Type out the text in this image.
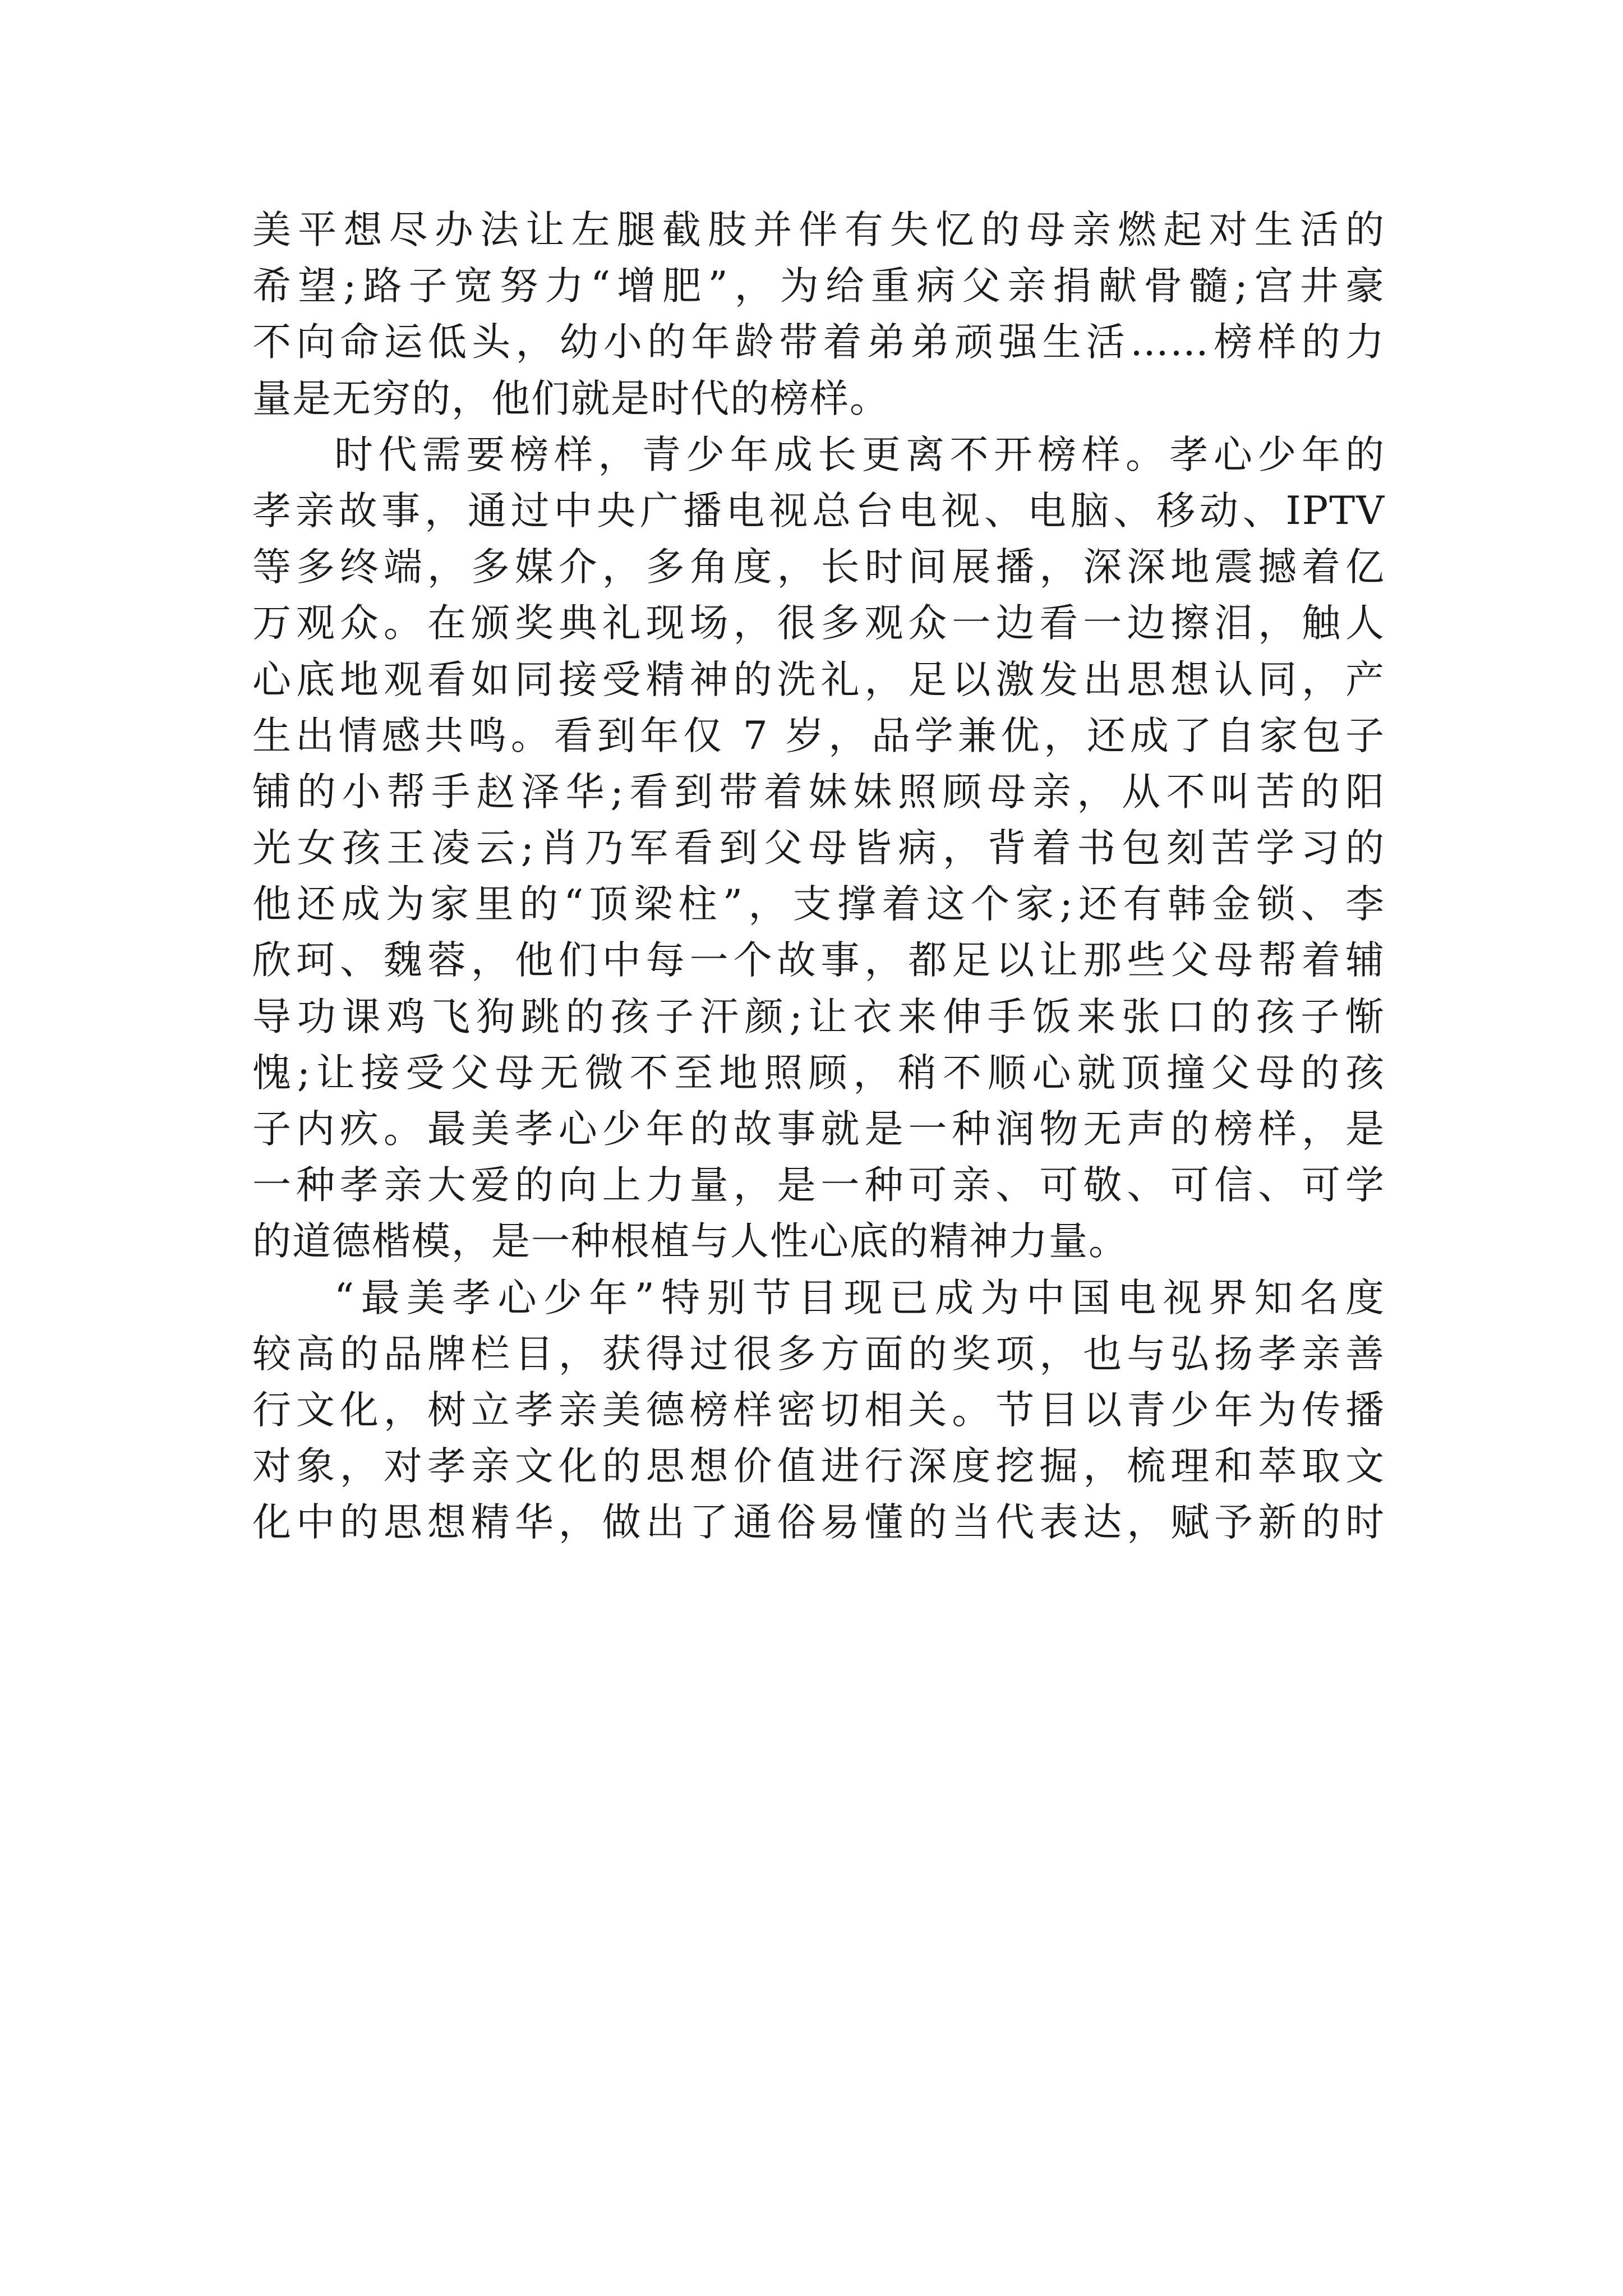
美平想尽办法让左腿截肢并伴有失忆的母亲燃起对生活的
希望;路子宽努力“增肥”，为给重病父亲捐献骨髓;宫井豪
不向命运低头，幼小的年龄带着弟弟顽强生活……榜样的力
量是无穷的，他们就是时代的榜样。
时代需要榜样，青少年成长更离不开榜样。孝心少年的
孝亲故事，通过中央广播电视总台电视、电脑、移动、IPTV
等多终端，多媒介，多角度，长时间展播，深深地震撼着亿
万观众。在颁奖典礼现场，很多观众一边看一边擦泪，触人
心底地观看如同接受精神的洗礼，足以激发出思想认同，产
生出情感共鸣。看到年仅 7 岁，品学兼优，还成了自家包子
铺的小帮手赵泽华;看到带着妹妹照顾母亲，从不叫苦的阳
光女孩王凌云;肖乃军看到父母皆病，背着书包刻苦学习的
他还成为家里的“顶梁柱”，支撑着这个家;还有韩金锁、李
欣珂、魏蓉，他们中每一个故事，都足以让那些父母帮着辅
导功课鸡飞狗跳的孩子汗颜;让衣来伸手饭来张口的孩子惭
愧;让接受父母无微不至地照顾，稍不顺心就顶撞父母的孩
子内疚。最美孝心少年的故事就是一种润物无声的榜样，是
一种孝亲大爱的向上力量，是一种可亲、可敬、可信、可学
的道德楷模，是一种根植与人性心底的精神力量。
“最美孝心少年”特别节目现已成为中国电视界知名度
较高的品牌栏目，获得过很多方面的奖项，也与弘扬孝亲善
行文化，树立孝亲美德榜样密切相关。节目以青少年为传播
对象，对孝亲文化的思想价值进行深度挖掘，梳理和萃取文
化中的思想精华，做出了通俗易懂的当代表达，赋予新的时
